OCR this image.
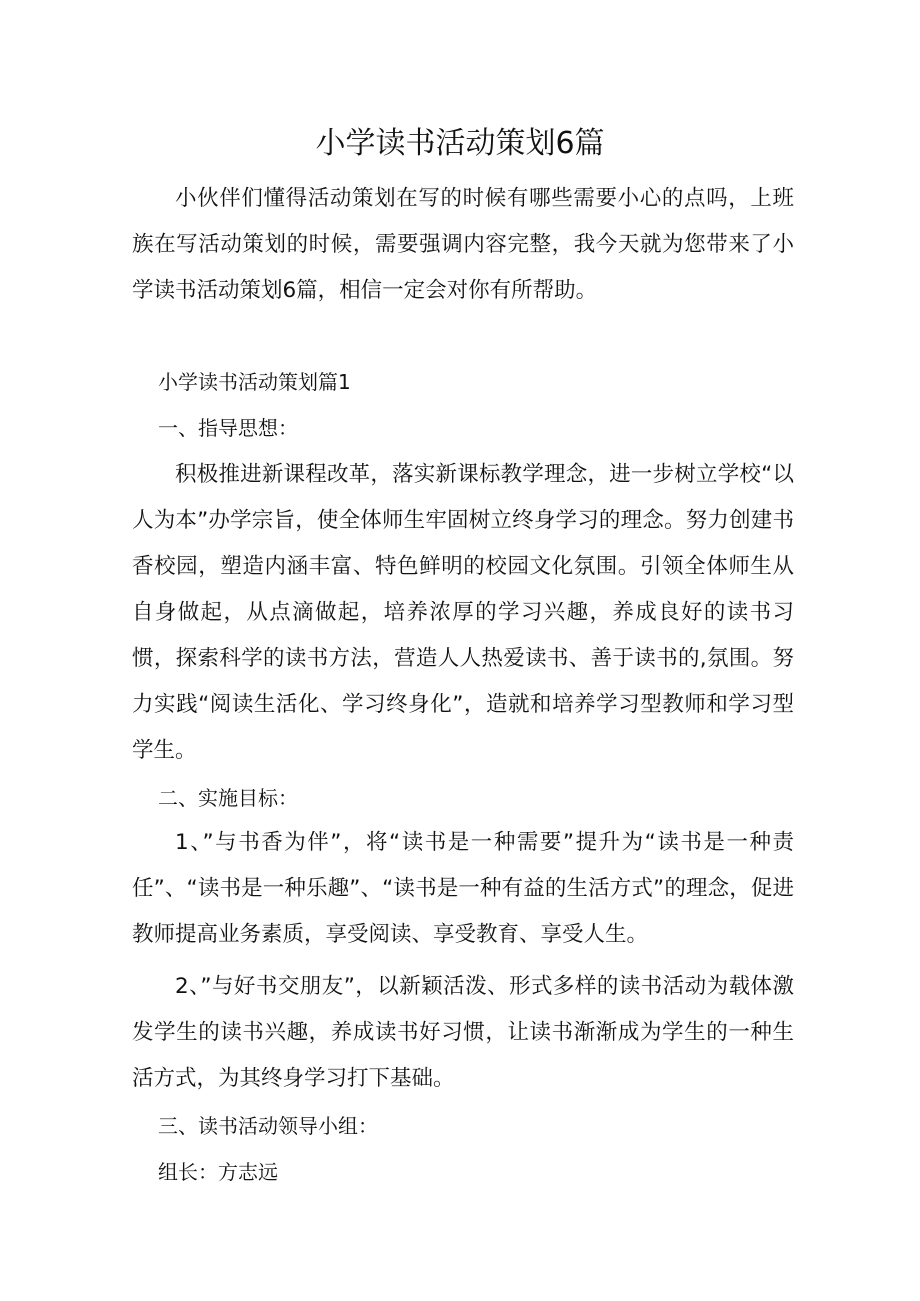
小学读书活动策划6篇

小伙伴们懂得活动策划在写的时候有哪些需要小心的点吗，上班族在写活动策划的时候，需要强调内容完整，我今天就为您带来了小学读书活动策划6篇，相信一定会对你有所帮助。

小学读书活动策划篇1

一、指导思想：

积极推进新课程改革，落实新课标教学理念，进一步树立学校“以人为本”办学宗旨，使全体师生牢固树立终身学习的理念。努力创建书香校园，塑造内涵丰富、特色鲜明的校园文化氛围。引领全体师生从自身做起，从点滴做起，培养浓厚的学习兴趣，养成良好的读书习惯，探索科学的读书方法，营造人人热爱读书、善于读书的,氛围。努力实践“阅读生活化、学习终身化”，造就和培养学习型教师和学习型学生。

二、实施目标：

1、”与书香为伴”，将“读书是一种需要”提升为“读书是一种责任”、“读书是一种乐趣”、“读书是一种有益的生活方式”的理念，促进教师提高业务素质，享受阅读、享受教育、享受人生。

2、”与好书交朋友”，以新颖活泼、形式多样的读书活动为载体激发学生的读书兴趣，养成读书好习惯，让读书渐渐成为学生的一种生活方式，为其终身学习打下基础。

三、读书活动领导小组：

组长：方志远
